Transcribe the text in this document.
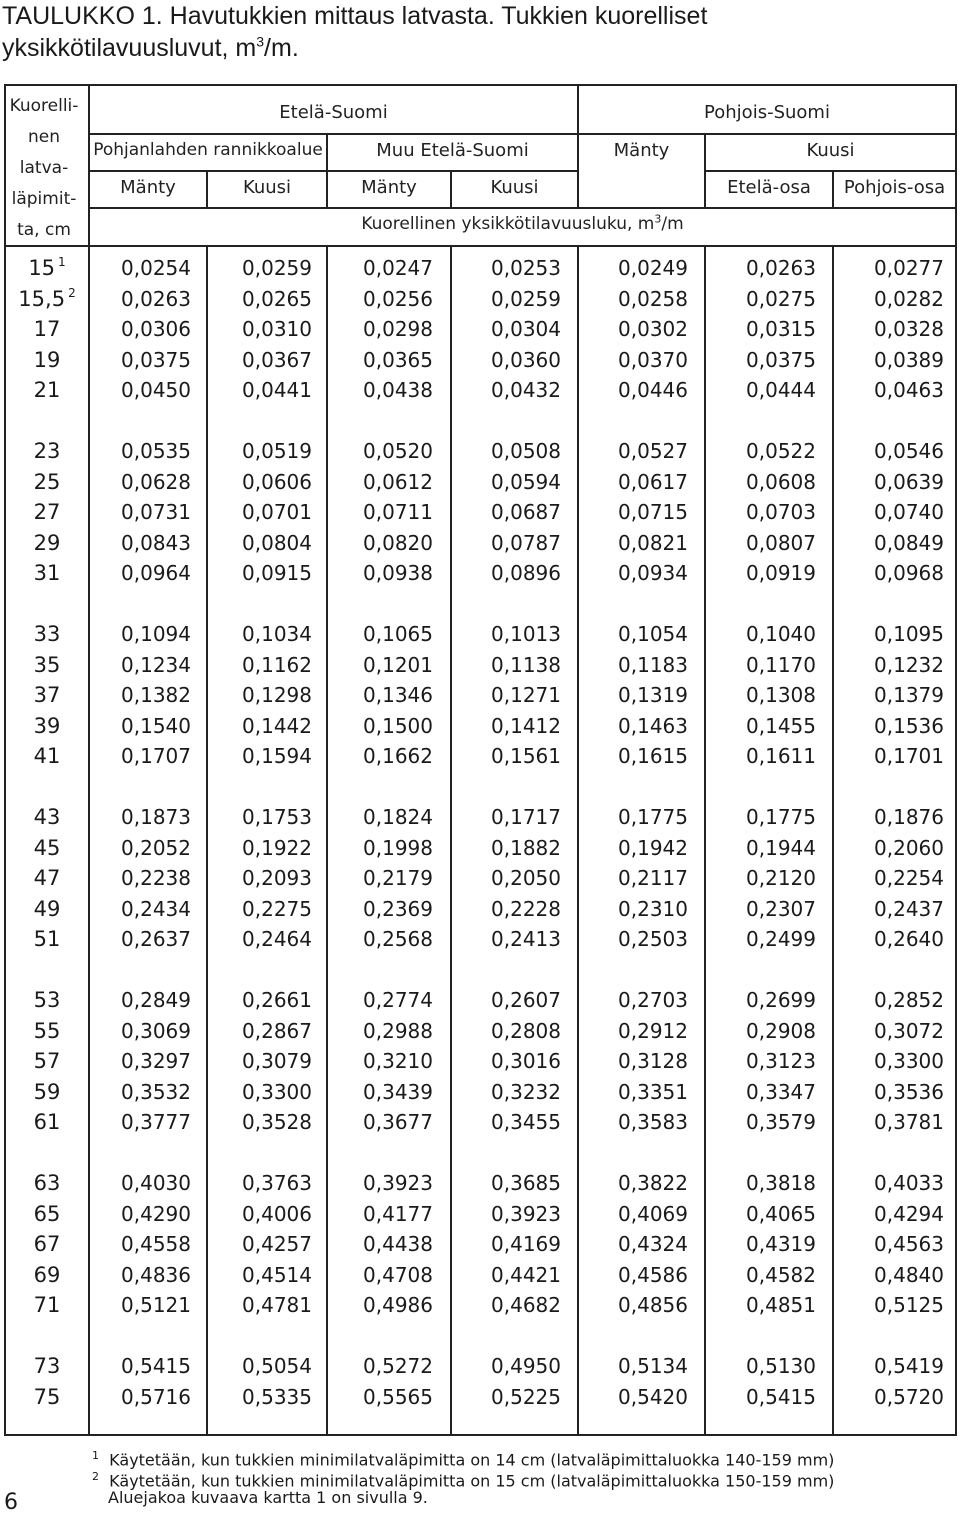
TAULUKKO 1. Havutukkien mittaus latvasta. Tukkien kuorelliset
yksikkötilavuusluvut, $m^3/m$.
Kuorelli-
nen
latva-
läpimit-
ta, cm
Etelä-Suomi	Pohjois-Suomi
Pohjanlahden rannikkoalue	Muu Etelä-Suomi	Mänty	Kuusi
Mänty	Kuusi	Mänty	Kuusi	Etelä-osa	Pohjois-osa
Kuorellinen yksikkötilavuusluku, $m^3/m$
15 $^1$	0,0254	0,0259	0,0247	0,0253	0,0249	0,0263	0,0277
15,5 $^2$	0,0263	0,0265	0,0256	0,0259	0,0258	0,0275	0,0282
17	0,0306	0,0310	0,0298	0,0304	0,0302	0,0315	0,0328
19	0,0375	0,0367	0,0365	0,0360	0,0370	0,0375	0,0389
21	0,0450	0,0441	0,0438	0,0432	0,0446	0,0444	0,0463
23	0,0535	0,0519	0,0520	0,0508	0,0527	0,0522	0,0546
25	0,0628	0,0606	0,0612	0,0594	0,0617	0,0608	0,0639
27	0,0731	0,0701	0,0711	0,0687	0,0715	0,0703	0,0740
29	0,0843	0,0804	0,0820	0,0787	0,0821	0,0807	0,0849
31	0,0964	0,0915	0,0938	0,0896	0,0934	0,0919	0,0968
33	0,1094	0,1034	0,1065	0,1013	0,1054	0,1040	0,1095
35	0,1234	0,1162	0,1201	0,1138	0,1183	0,1170	0,1232
37	0,1382	0,1298	0,1346	0,1271	0,1319	0,1308	0,1379
39	0,1540	0,1442	0,1500	0,1412	0,1463	0,1455	0,1536
41	0,1707	0,1594	0,1662	0,1561	0,1615	0,1611	0,1701
43	0,1873	0,1753	0,1824	0,1717	0,1775	0,1775	0,1876
45	0,2052	0,1922	0,1998	0,1882	0,1942	0,1944	0,2060
47	0,2238	0,2093	0,2179	0,2050	0,2117	0,2120	0,2254
49	0,2434	0,2275	0,2369	0,2228	0,2310	0,2307	0,2437
51	0,2637	0,2464	0,2568	0,2413	0,2503	0,2499	0,2640
53	0,2849	0,2661	0,2774	0,2607	0,2703	0,2699	0,2852
55	0,3069	0,2867	0,2988	0,2808	0,2912	0,2908	0,3072
57	0,3297	0,3079	0,3210	0,3016	0,3128	0,3123	0,3300
59	0,3532	0,3300	0,3439	0,3232	0,3351	0,3347	0,3536
61	0,3777	0,3528	0,3677	0,3455	0,3583	0,3579	0,3781
63	0,4030	0,3763	0,3923	0,3685	0,3822	0,3818	0,4033
65	0,4290	0,4006	0,4177	0,3923	0,4069	0,4065	0,4294
67	0,4558	0,4257	0,4438	0,4169	0,4324	0,4319	0,4563
69	0,4836	0,4514	0,4708	0,4421	0,4586	0,4582	0,4840
71	0,5121	0,4781	0,4986	0,4682	0,4856	0,4851	0,5125
73	0,5415	0,5054	0,5272	0,4950	0,5134	0,5130	0,5419
75	0,5716	0,5335	0,5565	0,5225	0,5420	0,5415	0,5720
$^1$ Käytetään, kun tukkien minimilatvaläpimitta on 14 cm (latvaläpimittaluokka 140-159 mm)
$^2$ Käytetään, kun tukkien minimilatvaläpimitta on 15 cm (latvaläpimittaluokka 150-159 mm)
Aluejakoa kuvaava kartta 1 on sivulla 9.
6
